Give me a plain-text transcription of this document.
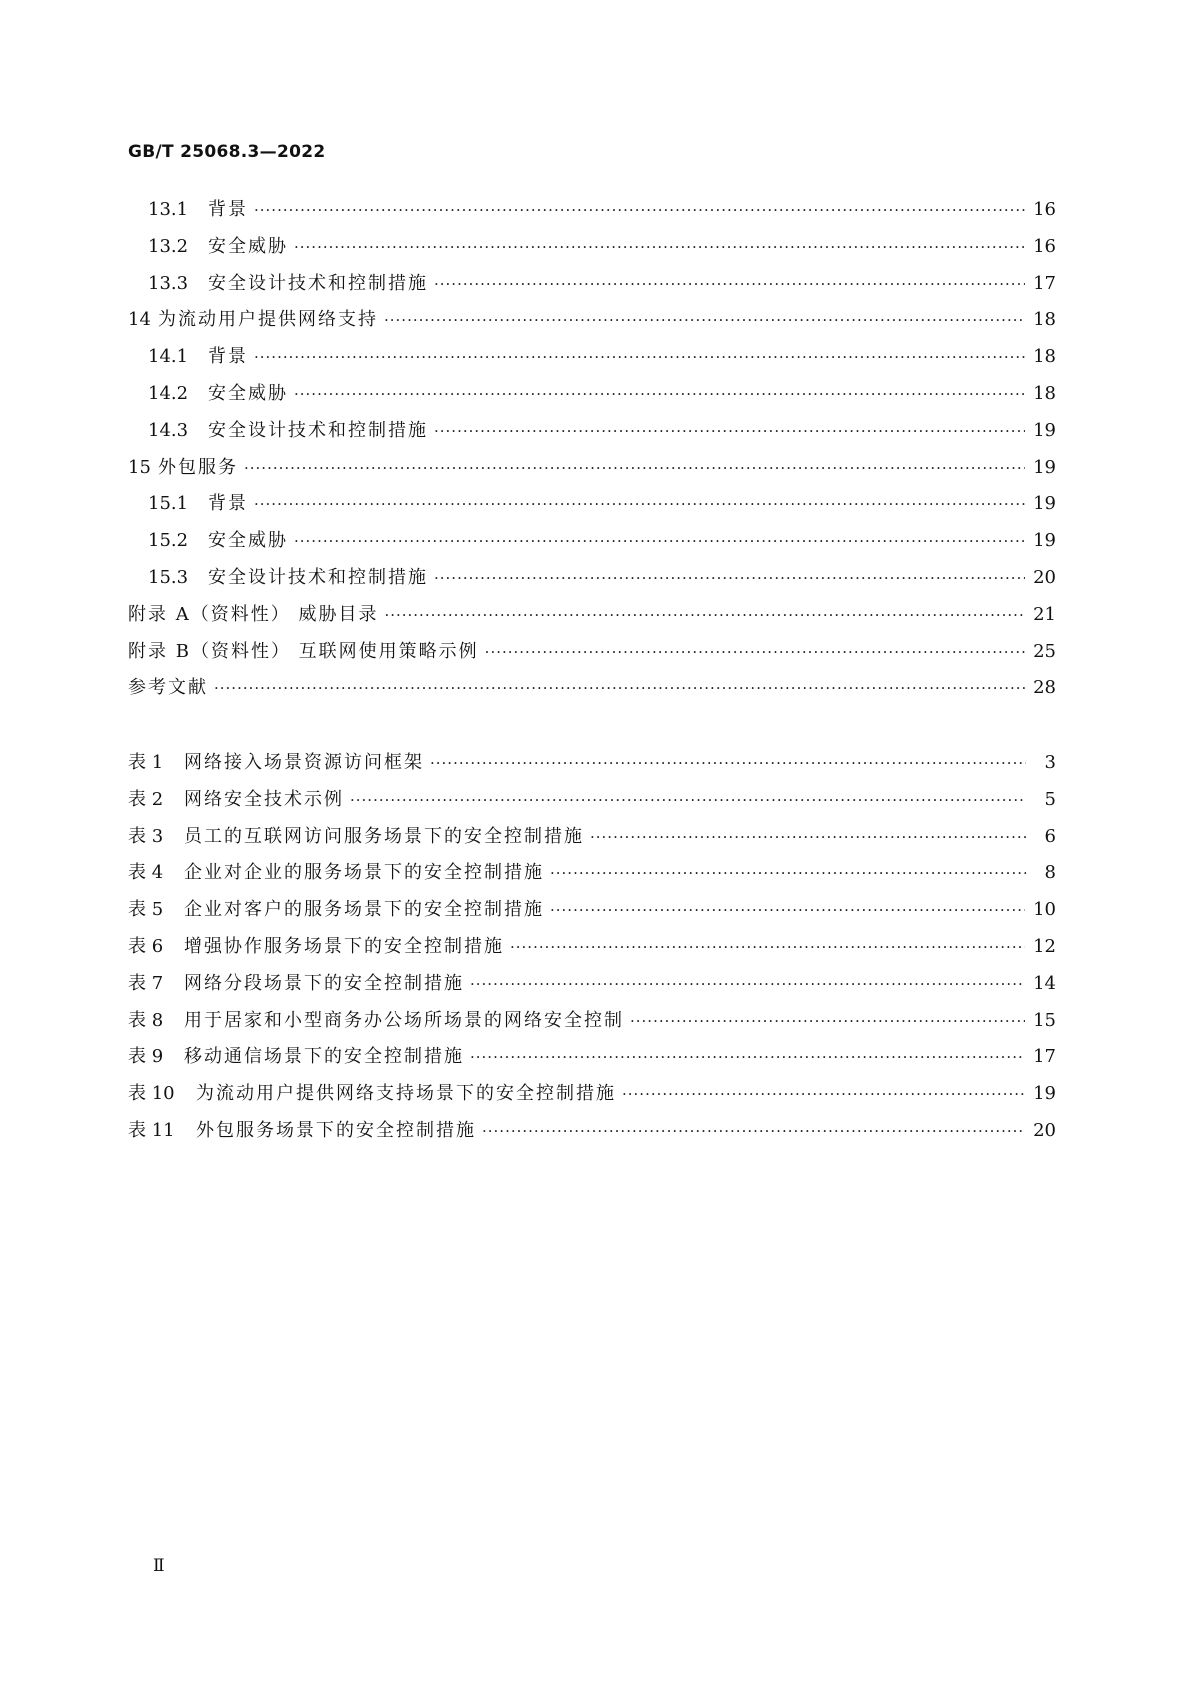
GB/T 25068.3—2022
13.1	背景 ·····	16
13.2	安全威胁 ·····	16
13.3	安全设计技术和控制措施 ·····	17
14 为流动用户提供网络支持 ·····	18
14.1	背景 ·····	18
14.2	安全威胁 ·····	18
14.3	安全设计技术和控制措施 ·····	19
15 外包服务 ·····	19
15.1	背景 ·····	19
15.2	安全威胁 ·····	19
15.3	安全设计技术和控制措施 ·····	20
附录 A（资料性） 威胁目录 ·····	21
附录 B（资料性） 互联网使用策略示例 ·····	25
参考文献 ·····	28
表 1	网络接入场景资源访问框架 ·····	3
表 2	网络安全技术示例 ·····	5
表 3	员工的互联网访问服务场景下的安全控制措施 ·····	6
表 4	企业对企业的服务场景下的安全控制措施 ·····	8
表 5	企业对客户的服务场景下的安全控制措施 ·····	10
表 6	增强协作服务场景下的安全控制措施 ·····	12
表 7	网络分段场景下的安全控制措施 ·····	14
表 8	用于居家和小型商务办公场所场景的网络安全控制 ·····	15
表 9	移动通信场景下的安全控制措施 ·····	17
表 10	为流动用户提供网络支持场景下的安全控制措施 ·····	19
表 11	外包服务场景下的安全控制措施 ·····	20
Ⅱ
